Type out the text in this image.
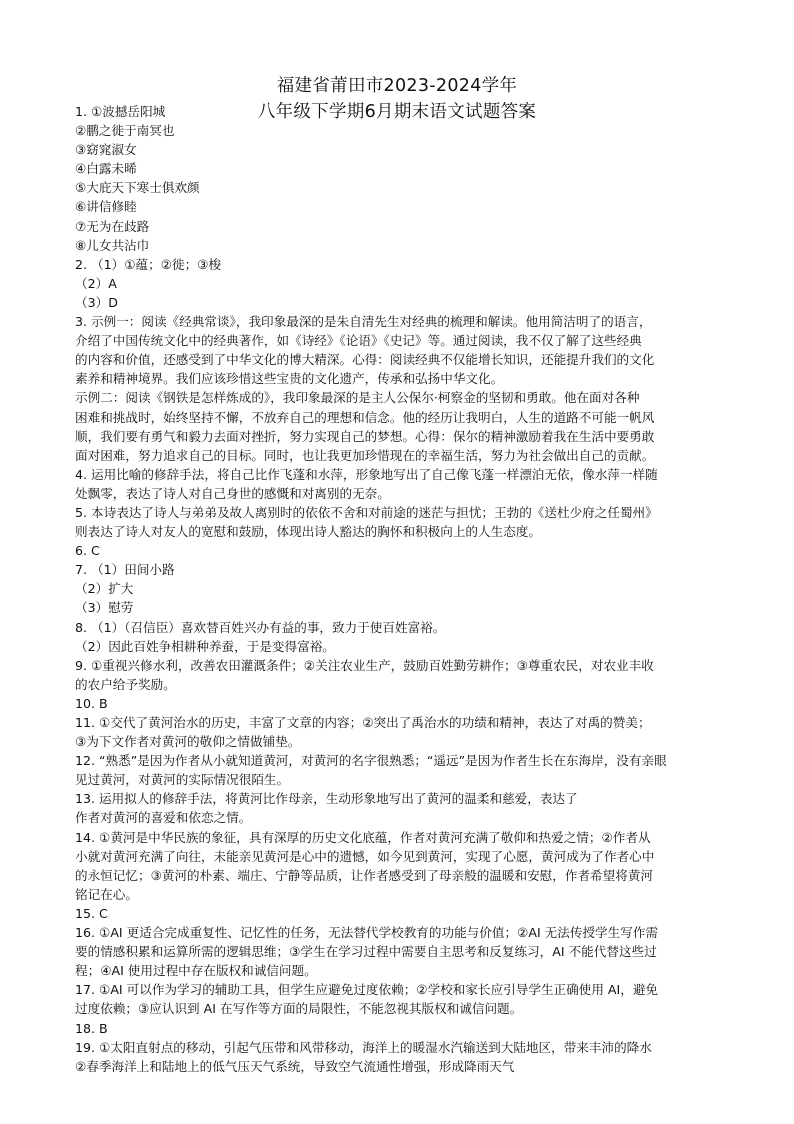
福建省莆田市2023-2024学年
八年级下学期6月期末语文试题答案
1. ①波撼岳阳城
②鹏之徙于南冥也
③窈窕淑女
④白露未晞
⑤大庇天下寒士俱欢颜
⑥讲信修睦
⑦无为在歧路
⑧儿女共沾巾
2. （1）①蕴；②徙；③梭
（2）A
（3）D
3. 示例一：阅读《经典常谈》，我印象最深的是朱自清先生对经典的梳理和解读。他用简洁明了的语言，
介绍了中国传统文化中的经典著作，如《诗经》《论语》《史记》等。通过阅读，我不仅了解了这些经典
的内容和价值，还感受到了中华文化的博大精深。心得：阅读经典不仅能增长知识，还能提升我们的文化
素养和精神境界。我们应该珍惜这些宝贵的文化遗产，传承和弘扬中华文化。
示例二：阅读《钢铁是怎样炼成的》，我印象最深的是主人公保尔·柯察金的坚韧和勇敢。他在面对各种
困难和挑战时，始终坚持不懈，不放弃自己的理想和信念。他的经历让我明白，人生的道路不可能一帆风
顺，我们要有勇气和毅力去面对挫折，努力实现自己的梦想。心得：保尔的精神激励着我在生活中要勇敢
面对困难，努力追求自己的目标。同时，也让我更加珍惜现在的幸福生活，努力为社会做出自己的贡献。
4. 运用比喻的修辞手法，将自己比作飞蓬和水萍，形象地写出了自己像飞蓬一样漂泊无依，像水萍一样随
处飘零，表达了诗人对自己身世的感慨和对离别的无奈。
5. 本诗表达了诗人与弟弟及故人离别时的依依不舍和对前途的迷茫与担忧；王勃的《送杜少府之任蜀州》
则表达了诗人对友人的宽慰和鼓励，体现出诗人豁达的胸怀和积极向上的人生态度。
6. C
7. （1）田间小路
（2）扩大
（3）慰劳
8. （1）（召信臣）喜欢替百姓兴办有益的事，致力于使百姓富裕。
（2）因此百姓争相耕种养蚕，于是变得富裕。
9. ①重视兴修水利，改善农田灌溉条件；②关注农业生产，鼓励百姓勤劳耕作；③尊重农民，对农业丰收
的农户给予奖励。
10. B
11. ①交代了黄河治水的历史，丰富了文章的内容；②突出了禹治水的功绩和精神，表达了对禹的赞美；
③为下文作者对黄河的敬仰之情做铺垫。
12. “熟悉”是因为作者从小就知道黄河，对黄河的名字很熟悉；“遥远”是因为作者生长在东海岸，没有亲眼
见过黄河，对黄河的实际情况很陌生。
13. 运用拟人的修辞手法，将黄河比作母亲，生动形象地写出了黄河的温柔和慈爱，表达了
作者对黄河的喜爱和依恋之情。
14. ①黄河是中华民族的象征，具有深厚的历史文化底蕴，作者对黄河充满了敬仰和热爱之情；②作者从
小就对黄河充满了向往，未能亲见黄河是心中的遗憾，如今见到黄河，实现了心愿，黄河成为了作者心中
的永恒记忆；③黄河的朴素、端庄、宁静等品质，让作者感受到了母亲般的温暖和安慰，作者希望将黄河
铭记在心。
15. C
16. ①AI 更适合完成重复性、记忆性的任务，无法替代学校教育的功能与价值；②AI 无法传授学生写作需
要的情感积累和运算所需的逻辑思维；③学生在学习过程中需要自主思考和反复练习，AI 不能代替这些过
程；④AI 使用过程中存在版权和诚信问题。
17. ①AI 可以作为学习的辅助工具，但学生应避免过度依赖；②学校和家长应引导学生正确使用 AI，避免
过度依赖；③应认识到 AI 在写作等方面的局限性，不能忽视其版权和诚信问题。
18. B
19. ①太阳直射点的移动，引起气压带和风带移动，海洋上的暖湿水汽输送到大陆地区，带来丰沛的降水
②春季海洋上和陆地上的低气压天气系统，导致空气流通性增强，形成降雨天气
